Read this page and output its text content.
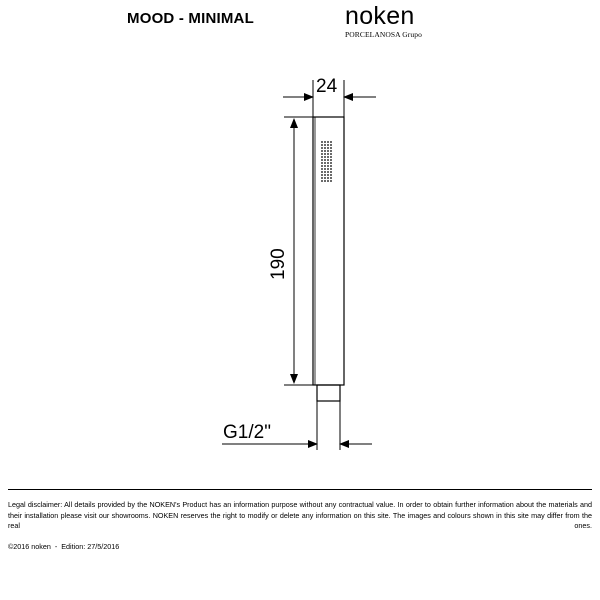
MOOD - MINIMAL	noken
PORCELANOSA Grupo
24
190
G1/2"
Legal disclaimer: All details provided by the NOKEN's Product has an information purpose without any contractual value. In order to obtain further information about the materials and their installation please visit our showrooms. NOKEN reserves the right to modify or delete any information on this site. The images and colours shown in this site may differ from the real ones.
©2016 noken  -  Edition: 27/5/2016
